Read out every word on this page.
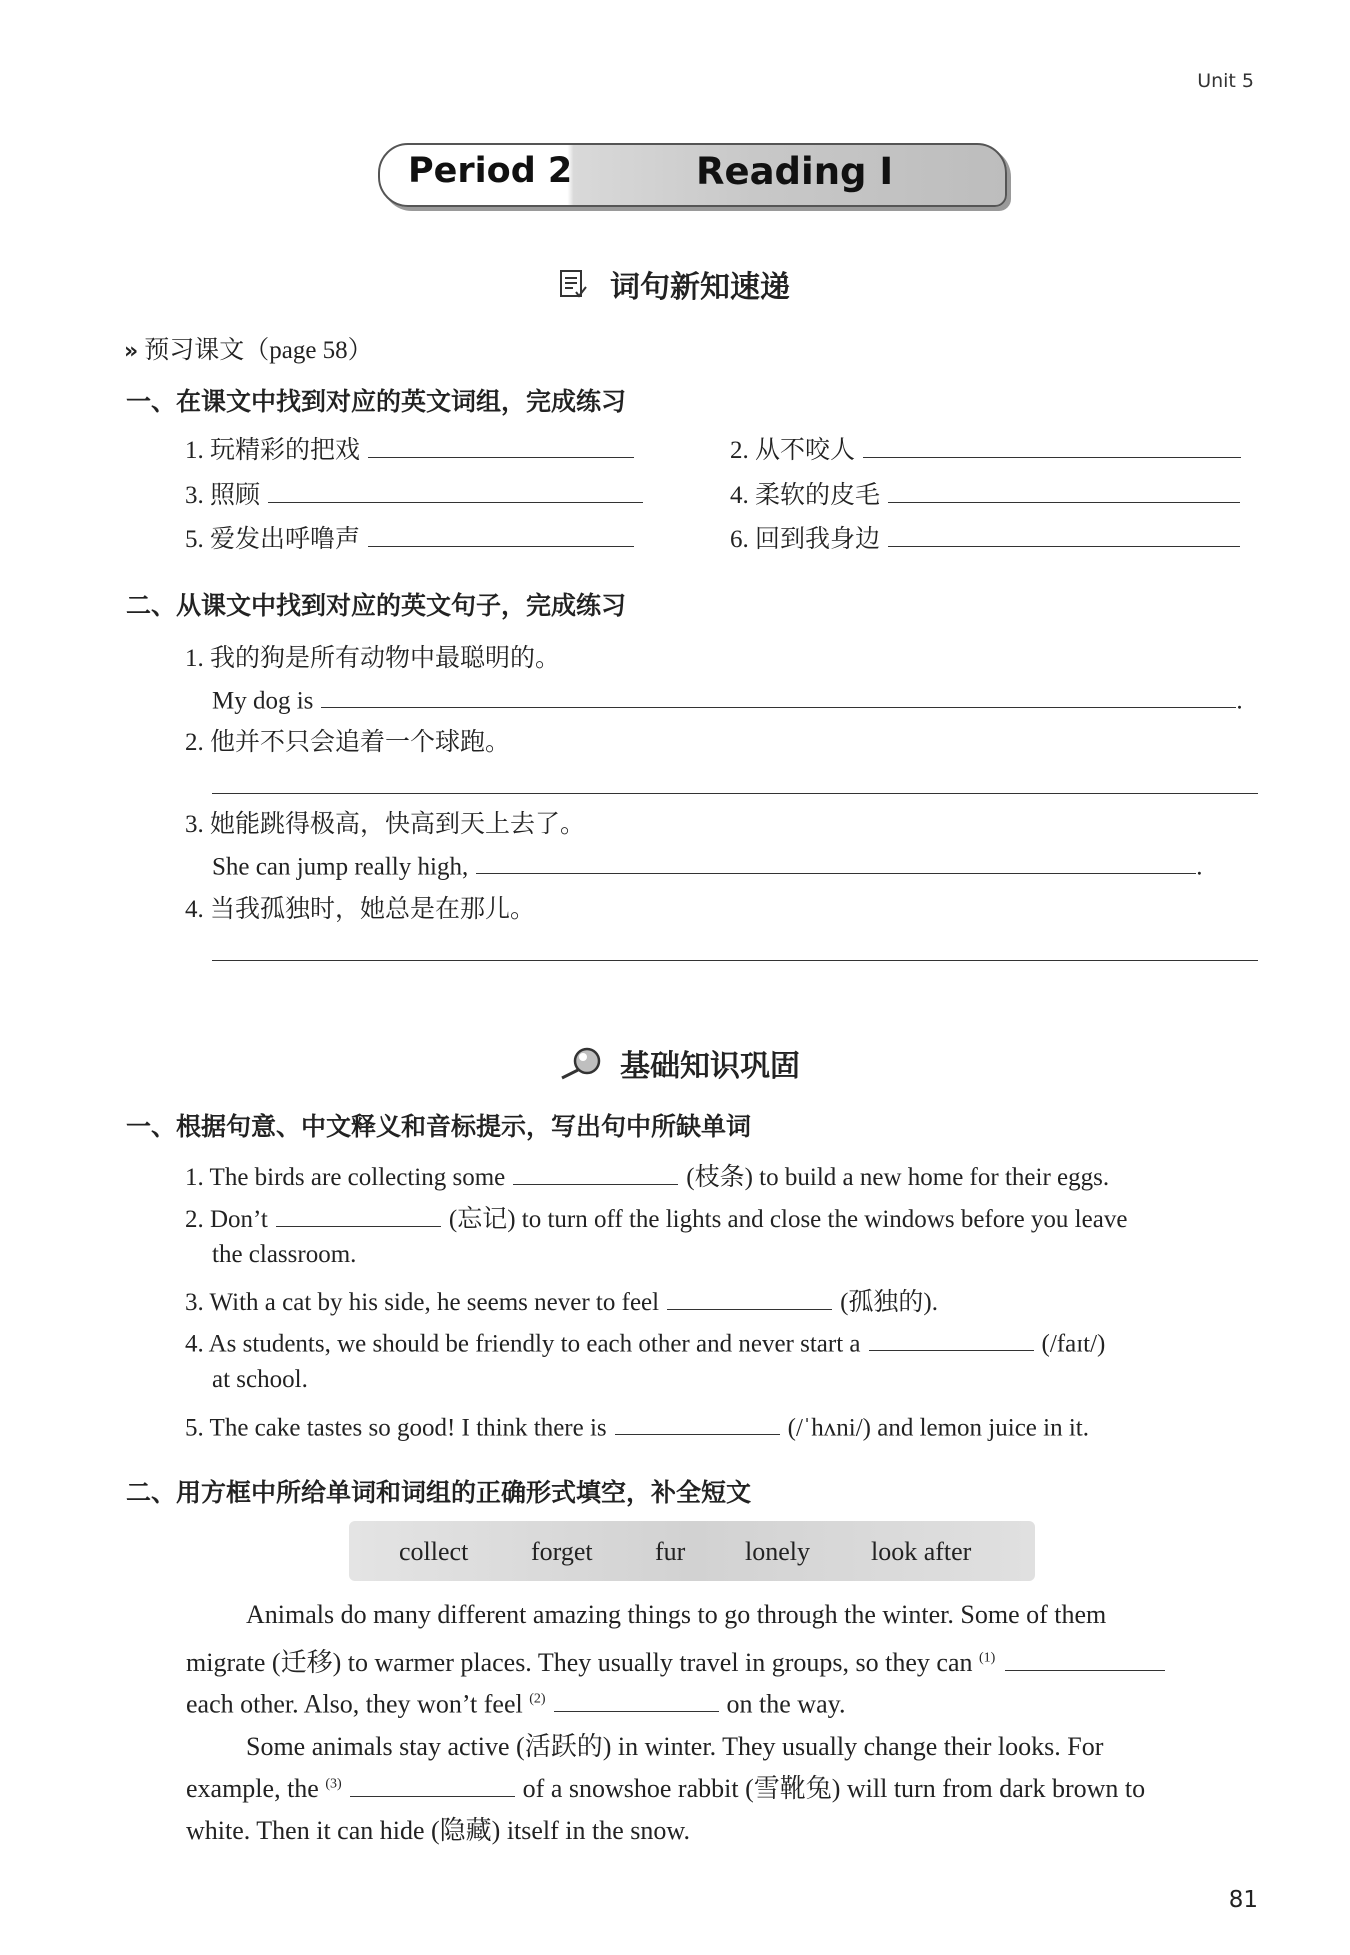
Unit 5
Period 2	Reading I
词句新知速递
» 预习课文（page 58）
一、在课文中找到对应的英文词组，完成练习
1. 玩精彩的把戏	2. 从不咬人
3. 照顾	4. 柔软的皮毛
5. 爱发出呼噜声	6. 回到我身边
二、从课文中找到对应的英文句子，完成练习
1. 我的狗是所有动物中最聪明的。
My dog is	.
2. 他并不只会追着一个球跑。
3. 她能跳得极高，快高到天上去了。
She can jump really high,	.
4. 当我孤独时，她总是在那儿。
基础知识巩固
一、根据句意、中文释义和音标提示，写出句中所缺单词
1. The birds are collecting some	(枝条) to build a new home for their eggs.
2. Don’t	(忘记) to turn off the lights and close the windows before you leave
the classroom.
3. With a cat by his side, he seems never to feel	(孤独的).
4. As students, we should be friendly to each other and never start a	(/faɪt/)
at school.
5. The cake tastes so good! I think there is	(/ˈhʌni/) and lemon juice in it.
二、用方框中所给单词和词组的正确形式填空，补全短文
collect forget fur lonely look after
Animals do many different amazing things to go through the winter. Some of them
migrate (迁移) to warmer places. They usually travel in groups, so they can $^{(1)}$
each other. Also, they won’t feel $^{(2)}$	on the way.
Some animals stay active (活跃的) in winter. They usually change their looks. For
example, the $^{(3)}$	of a snowshoe rabbit (雪靴兔) will turn from dark brown to
white. Then it can hide (隐藏) itself in the snow.
81
